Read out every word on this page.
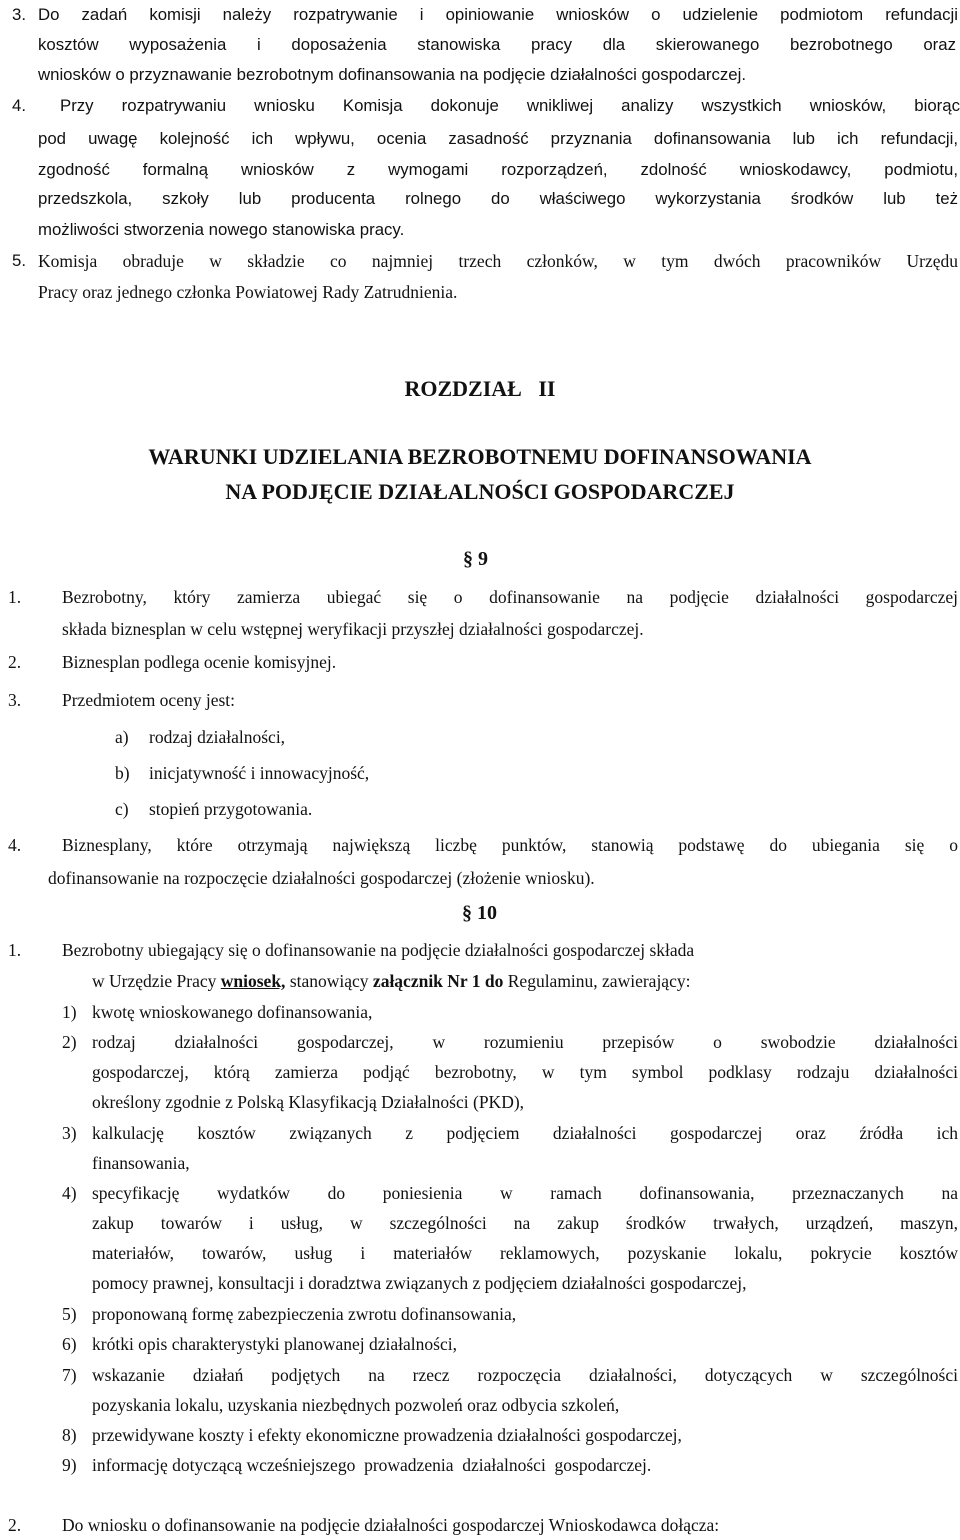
3. Do zadań komisji należy rozpatrywanie i opiniowanie wniosków o udzielenie podmiotom refundacji
kosztów wyposażenia i doposażenia stanowiska pracy dla skierowanego bezrobotnego oraz
wniosków o przyznawanie bezrobotnym dofinansowania na podjęcie działalności gospodarczej.
4. Przy rozpatrywaniu wniosku Komisja dokonuje wnikliwej analizy wszystkich wniosków, biorąc
pod uwagę kolejność ich wpływu, ocenia zasadność przyznania dofinansowania lub ich refundacji,
zgodność formalną wniosków z wymogami rozporządzeń, zdolność wnioskodawcy, podmiotu,
przedszkola, szkoły lub producenta rolnego do właściwego wykorzystania środków lub też
możliwości stworzenia nowego stanowiska pracy.
5. Komisja obraduje w składzie co najmniej trzech członków, w tym dwóch pracowników Urzędu
Pracy oraz jednego członka Powiatowej Rady Zatrudnienia.
ROZDZIAŁ   II
WARUNKI UDZIELANIA BEZROBOTNEMU DOFINANSOWANIA
NA PODJĘCIE DZIAŁALNOŚCI GOSPODARCZEJ
§ 9
1. Bezrobotny, który zamierza ubiegać się o dofinansowanie na podjęcie działalności gospodarczej
składa biznesplan w celu wstępnej weryfikacji przyszłej działalności gospodarczej.
2. Biznesplan podlega ocenie komisyjnej.
3. Przedmiotem oceny jest:
a) rodzaj działalności,
b) inicjatywność i innowacyjność,
c) stopień przygotowania.
4. Biznesplany, które otrzymają największą liczbę punktów, stanowią podstawę do ubiegania się o
dofinansowanie na rozpoczęcie działalności gospodarczej (złożenie wniosku).
§ 10
1. Bezrobotny ubiegający się o dofinansowanie na podjęcie działalności gospodarczej składa
w Urzędzie Pracy wniosek, stanowiący załącznik Nr 1 do Regulaminu, zawierający:
1) kwotę wnioskowanego dofinansowania,
2) rodzaj działalności gospodarczej, w rozumieniu przepisów o swobodzie działalności
gospodarczej, którą zamierza podjąć bezrobotny, w tym symbol podklasy rodzaju działalności
określony zgodnie z Polską Klasyfikacją Działalności (PKD),
3) kalkulację kosztów związanych z podjęciem działalności gospodarczej oraz źródła ich
finansowania,
4) specyfikację wydatków do poniesienia w ramach dofinansowania, przeznaczanych na
zakup towarów i usług, w szczególności na zakup środków trwałych, urządzeń, maszyn,
materiałów, towarów, usług i materiałów reklamowych, pozyskanie lokalu, pokrycie kosztów
pomocy prawnej, konsultacji i doradztwa związanych z podjęciem działalności gospodarczej,
5) proponowaną formę zabezpieczenia zwrotu dofinansowania,
6) krótki opis charakterystyki planowanej działalności,
7) wskazanie działań podjętych na rzecz rozpoczęcia działalności, dotyczących w szczególności
pozyskania lokalu, uzyskania niezbędnych pozwoleń oraz odbycia szkoleń,
8) przewidywane koszty i efekty ekonomiczne prowadzenia działalności gospodarczej,
9) informację dotyczącą wcześniejszego  prowadzenia  działalności  gospodarczej.
2. Do wniosku o dofinansowanie na podjęcie działalności gospodarczej Wnioskodawca dołącza:
